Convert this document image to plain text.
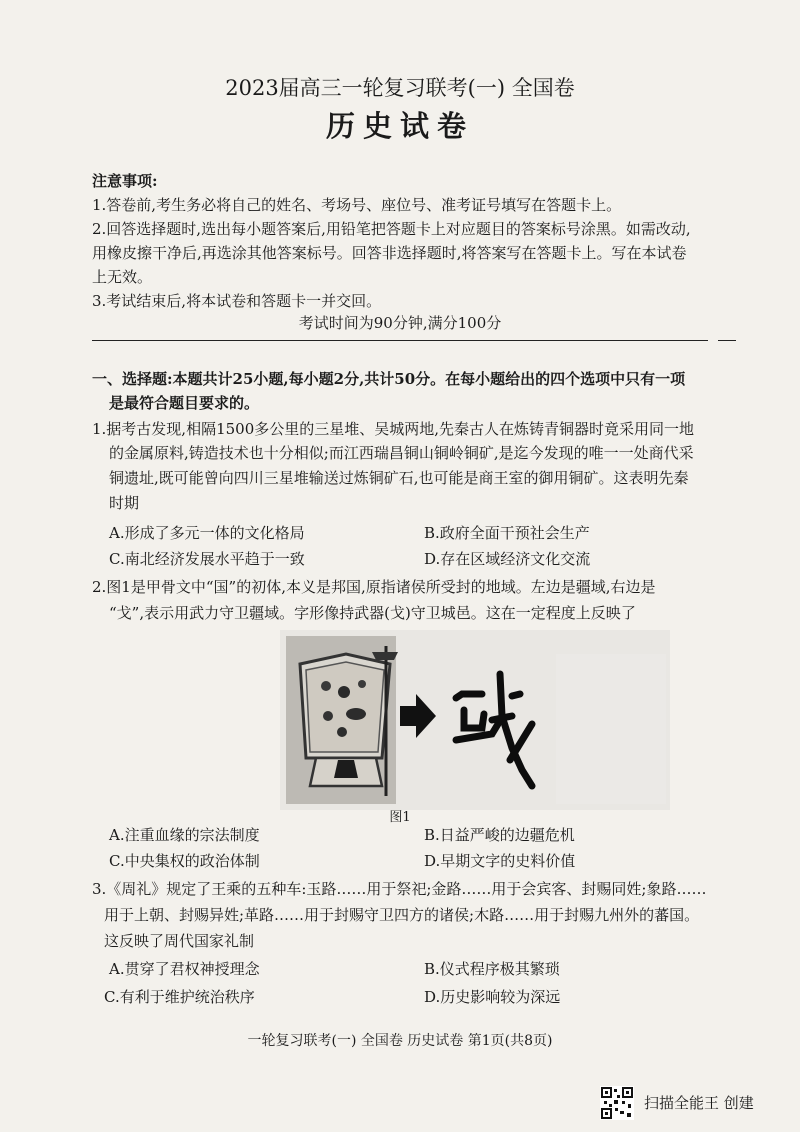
2023届高三一轮复习联考(一) 全国卷
历史试卷
注意事项:
1.答卷前,考生务必将自己的姓名、考场号、座位号、准考证号填写在答题卡上。
2.回答选择题时,选出每小题答案后,用铅笔把答题卡上对应题目的答案标号涂黑。如需改动,
用橡皮擦干净后,再选涂其他答案标号。回答非选择题时,将答案写在答题卡上。写在本试卷
上无效。
3.考试结束后,将本试卷和答题卡一并交回。
考试时间为90分钟,满分100分
一、选择题:本题共计25小题,每小题2分,共计50分。在每小题给出的四个选项中只有一项
是最符合题目要求的。
1.据考古发现,相隔1500多公里的三星堆、吴城两地,先秦古人在炼铸青铜器时竟采用同一地
的金属原料,铸造技术也十分相似;而江西瑞昌铜山铜岭铜矿,是迄今发现的唯一一处商代采
铜遗址,既可能曾向四川三星堆输送过炼铜矿石,也可能是商王室的御用铜矿。这表明先秦
时期
A.形成了多元一体的文化格局	B.政府全面干预社会生产
C.南北经济发展水平趋于一致	D.存在区域经济文化交流
2.图1是甲骨文中“国”的初体,本义是邦国,原指诸侯所受封的地域。左边是疆域,右边是
“戈”,表示用武力守卫疆域。字形像持武器(戈)守卫城邑。这在一定程度上反映了
图1
A.注重血缘的宗法制度	B.日益严峻的边疆危机
C.中央集权的政治体制	D.早期文字的史料价值
3.《周礼》规定了王乘的五种车:玉路……用于祭祀;金路……用于会宾客、封赐同姓;象路……
用于上朝、封赐异姓;革路……用于封赐守卫四方的诸侯;木路……用于封赐九州外的蕃国。
这反映了周代国家礼制
A.贯穿了君权神授理念	B.仪式程序极其繁琐
C.有利于维护统治秩序	D.历史影响较为深远
一轮复习联考(一) 全国卷 历史试卷 第1页(共8页)
扫描全能王 创建
